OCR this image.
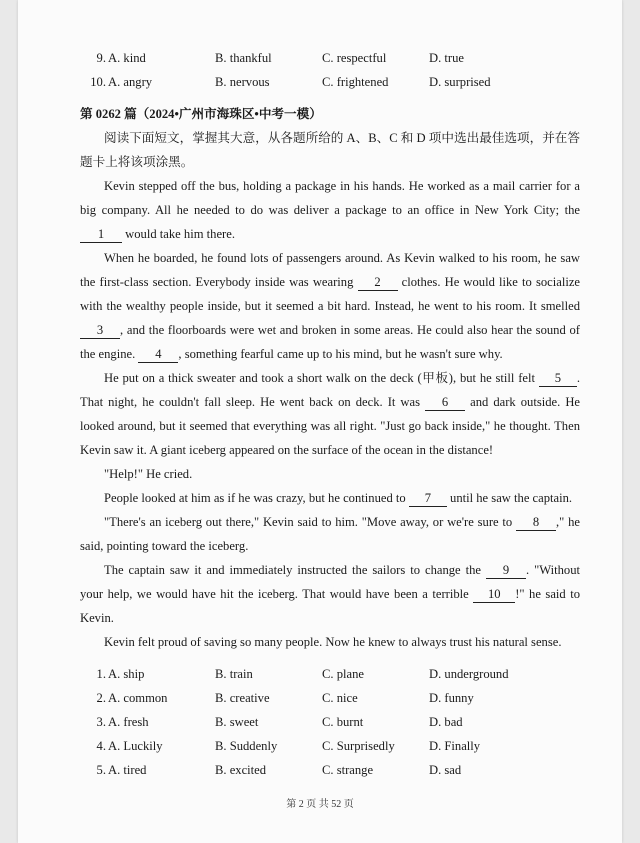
9. A. kind	B. thankful	C. respectful	D. true
10. A. angry	B. nervous	C. frightened	D. surprised
第 0262 篇（2024•广州市海珠区•中考一模）

阅读下面短文，掌握其大意，从各题所给的 A、B、C 和 D 项中选出最佳选项，并在答题卡上将该项涂黑。

Kevin stepped off the bus, holding a package in his hands. He worked as a mail carrier for a big company. All he needed to do was deliver a package to an office in New York City; the 1 would take him there.

When he boarded, he found lots of passengers around. As Kevin walked to his room, he saw the first-class section. Everybody inside was wearing 2 clothes. He would like to socialize with the wealthy people inside, but it seemed a bit hard. Instead, he went to his room. It smelled 3 , and the floorboards were wet and broken in some areas. He could also hear the sound of the engine. 4 , something fearful came up to his mind, but he wasn't sure why.

He put on a thick sweater and took a short walk on the deck (甲板), but he still felt 5 . That night, he couldn't fall sleep. He went back on deck. It was 6 and dark outside. He looked around, but it seemed that everything was all right. "Just go back inside," he thought. Then Kevin saw it. A giant iceberg appeared on the surface of the ocean in the distance!

"Help!" He cried.

People looked at him as if he was crazy, but he continued to 7 until he saw the captain.

"There's an iceberg out there," Kevin said to him. "Move away, or we're sure to 8 ," he said, pointing toward the iceberg.

The captain saw it and immediately instructed the sailors to change the 9 . "Without your help, we would have hit the iceberg. That would have been a terrible 10 !" he said to Kevin.

Kevin felt proud of saving so many people. Now he knew to always trust his natural sense.

1. A. ship	B. train	C. plane	D. underground
2. A. common	B. creative	C. nice	D. funny
3. A. fresh	B. sweet	C. burnt	D. bad
4. A. Luckily	B. Suddenly	C. Surprisedly	D. Finally
5. A. tired	B. excited	C. strange	D. sad
第 2 页 共 52 页
